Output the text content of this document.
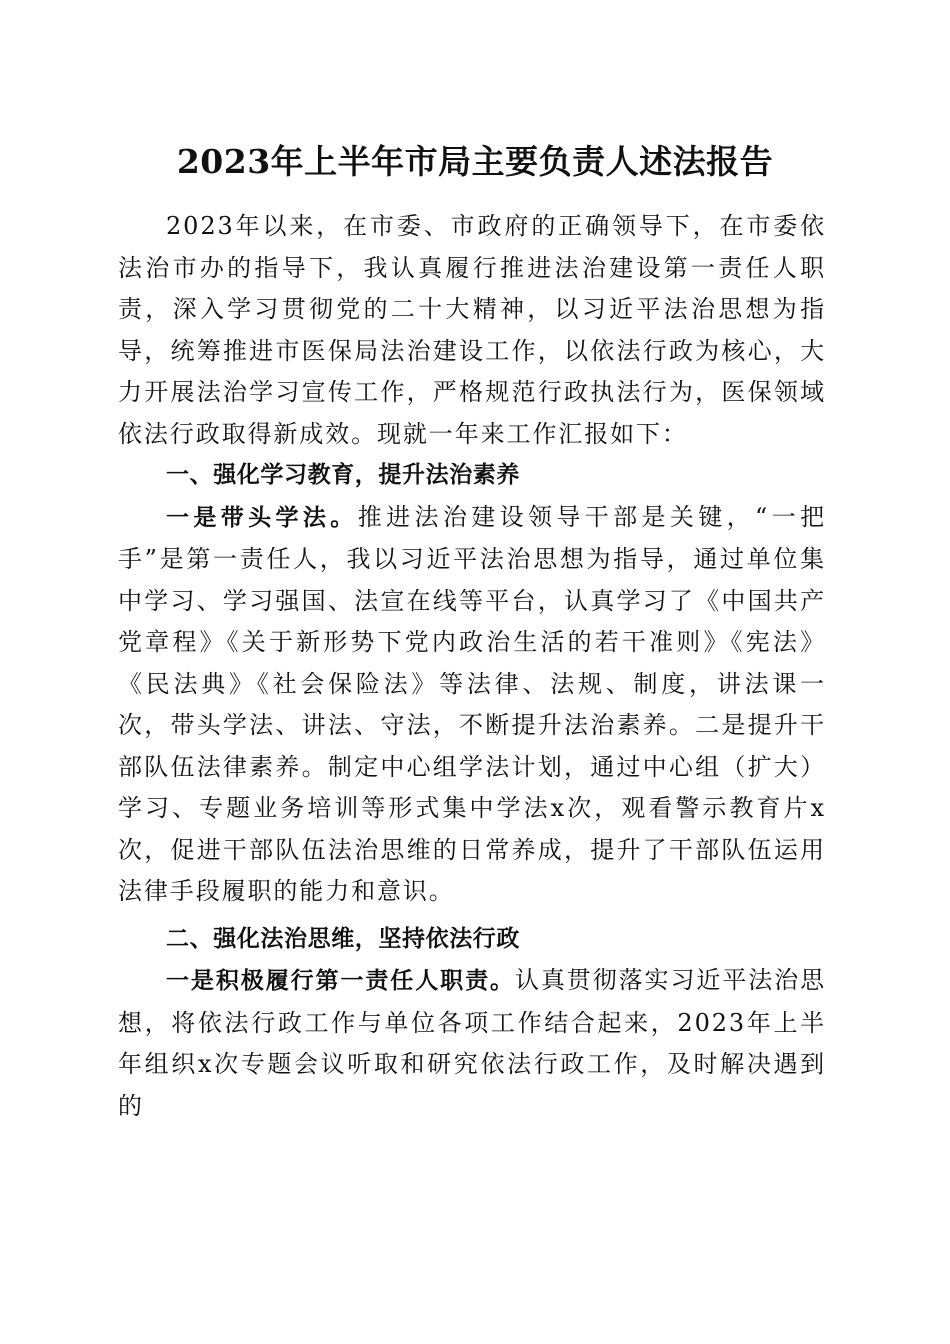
2023年上半年市局主要负责人述法报告

2023年以来，在市委、市政府的正确领导下，在市委依法治市办的指导下，我认真履行推进法治建设第一责任人职责，深入学习贯彻党的二十大精神，以习近平法治思想为指导，统筹推进市医保局法治建设工作，以依法行政为核心，大力开展法治学习宣传工作，严格规范行政执法行为，医保领域依法行政取得新成效。现就一年来工作汇报如下：

一、强化学习教育，提升法治素养

一是带头学法。推进法治建设领导干部是关键，“一把手”是第一责任人，我以习近平法治思想为指导，通过单位集中学习、学习强国、法宣在线等平台，认真学习了《中国共产党章程》《关于新形势下党内政治生活的若干准则》《宪法》《民法典》《社会保险法》等法律、法规、制度，讲法课一次，带头学法、讲法、守法，不断提升法治素养。二是提升干部队伍法律素养。制定中心组学法计划，通过中心组（扩大）学习、专题业务培训等形式集中学法x次，观看警示教育片x次，促进干部队伍法治思维的日常养成，提升了干部队伍运用法律手段履职的能力和意识。

二、强化法治思维，坚持依法行政

一是积极履行第一责任人职责。认真贯彻落实习近平法治思想，将依法行政工作与单位各项工作结合起来，2023年上半年组织x次专题会议听取和研究依法行政工作，及时解决遇到的
